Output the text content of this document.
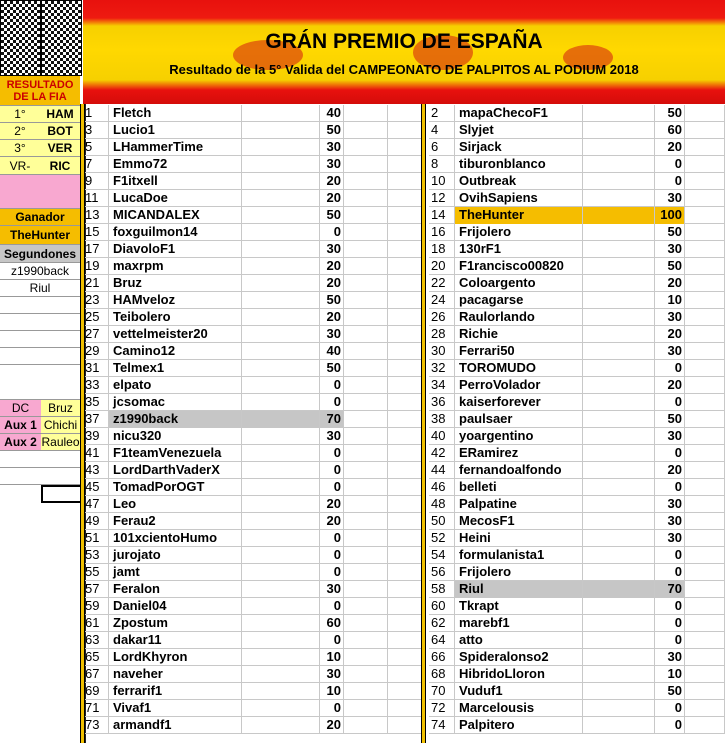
RESULTADO DE LA FIA
1°	HAM
2°	BOT
3°	VER
VR-	RIC
Ganador
TheHunter
Segundones
z1990back
Riul
DC	Bruz
Aux 1 Chichi
Aux 2 Rauleo
GRÁN PREMIO DE ESPAÑA
Resultado de la 5° Valida del CAMPEONATO DE PALPITOS AL PODIUM 2018
1	Fletch	40
3	Lucio1	50
5	LHammerTime	30
7	Emmo72	30
9	F1itxell	20
11	LucaDoe	20
13	MICANDALEX	50
15	foxguilmon14	0
17	DiavoloF1	30
19	maxrpm	20
21	Bruz	20
23	HAMveloz	50
25	Teibolero	20
27	vettelmeister20	30
29	Camino12	40
31	Telmex1	50
33	elpato	0
35	jcsomac	0
37	z1990back	70
39	nicu320	30
41	F1teamVenezuela	0
43	LordDarthVaderX	0
45	TomadPorOGT	0
47	Leo	20
49	Ferau2	20
51	101xcientoHumo	0
53	jurojato	0
55	jamt	0
57	Feralon	30
59	Daniel04	0
61	Zpostum	60
63	dakar11	0
65	LordKhyron	10
67	naveher	30
69	ferrarif1	10
71	Vivaf1	0
73	armandf1	20
2	mapaChecoF1	50
4	Slyjet	60
6	Sirjack	20
8	tiburonblanco	0
10	Outbreak	0
12	OvihSapiens	30
14	TheHunter	100
16	Frijolero	50
18	130rF1	30
20	F1rancisco00820	50
22	Coloargento	20
24	pacagarse	10
26	Raulorlando	30
28	Richie	20
30	Ferrari50	30
32	TOROMUDO	0
34	PerroVolador	20
36	kaiserforever	0
38	paulsaer	50
40	yoargentino	30
42	ERamirez	0
44	fernandoalfondo	20
46	belleti	0
48	Palpatine	30
50	MecosF1	30
52	Heini	30
54	formulanista1	0
56	Frijolero	0
58	Riul	70
60	Tkrapt	0
62	marebf1	0
64	atto	0
66	Spideralonso2	30
68	HibridoLloron	10
70	Vuduf1	50
72	Marcelousis	0
74	Palpitero	0
